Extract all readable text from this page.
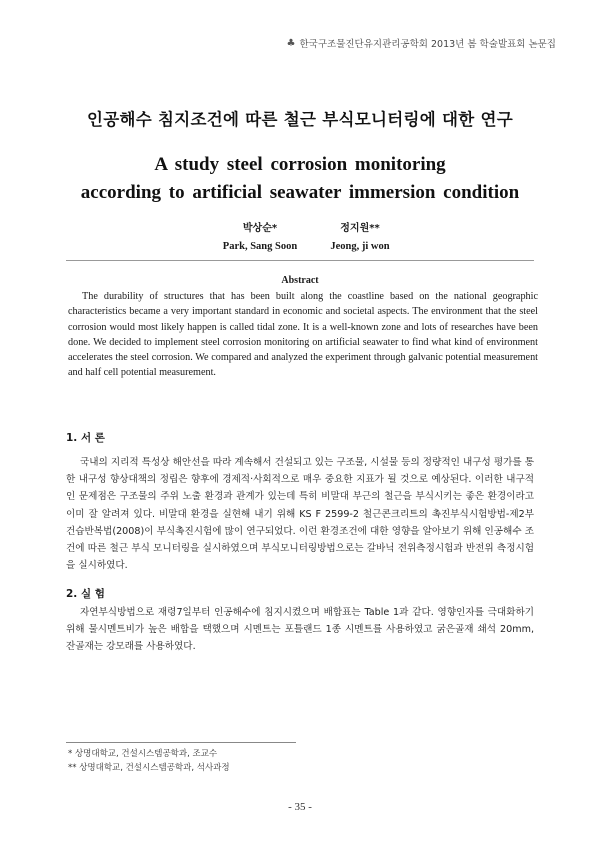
♣ 한국구조물진단유지관리공학회 2013년 봄 학술발표회 논문집
인공해수 침지조건에 따른 철근 부식모니터링에 대한 연구
A study steel corrosion monitoring
according to artificial seawater immersion condition
박상순*
Park, Sang Soon
정지원**
Jeong, ji won
Abstract

The durability of structures that has been built along the coastline based on the national geographic characteristics became a very important standard in economic and societal aspects. The environment that the steel corrosion would most likely happen is called tidal zone. It is a well-known zone and lots of researches have been done. We decided to implement steel corrosion monitoring on artificial seawater to find what kind of environment accelerates the steel corrosion. We compared and analyzed the experiment through galvanic potential measurement and half cell potential measurement.

1. 서 론

국내의 지리적 특성상 해안선을 따라 계속해서 건설되고 있는 구조물, 시설물 등의 정량적인 내구성 평가를 통한 내구성 향상대책의 정립은 향후에 경제적·사회적으로 매우 중요한 지표가 될 것으로 예상된다. 이러한 내구적인 문제점은 구조물의 주위 노출 환경과 관계가 있는데 특히 비말대 부근의 철근을 부식시키는 좋은 환경이라고 이미 잘 알려져 있다. 비말대 환경을 실현해 내기 위해 KS F 2599-2 철근콘크리트의 촉진부식시험방법-제2부 건습반복법(2008)이 부식촉진시험에 많이 연구되었다. 이런 환경조건에 대한 영향을 알아보기 위해 인공해수 조건에 따른 철근 부식 모니터링을 실시하였으며 부식모니터링방법으로는 갈바닉 전위측정시험과 반전위 측정시험을 실시하였다.

2. 실 험

자연부식방법으로 재령7일부터 인공해수에 침지시켰으며 배합표는 Table 1과 같다. 영향인자를 극대화하기 위해 물시멘트비가 높은 배합을 택했으며 시멘트는 포틀랜드 1종 시멘트를 사용하였고 굵은골재 쇄석 20mm, 잔골재는 강모래를 사용하였다.

* 상명대학교, 건설시스템공학과, 조교수
** 상명대학교, 건설시스템공학과, 석사과정
- 35 -
